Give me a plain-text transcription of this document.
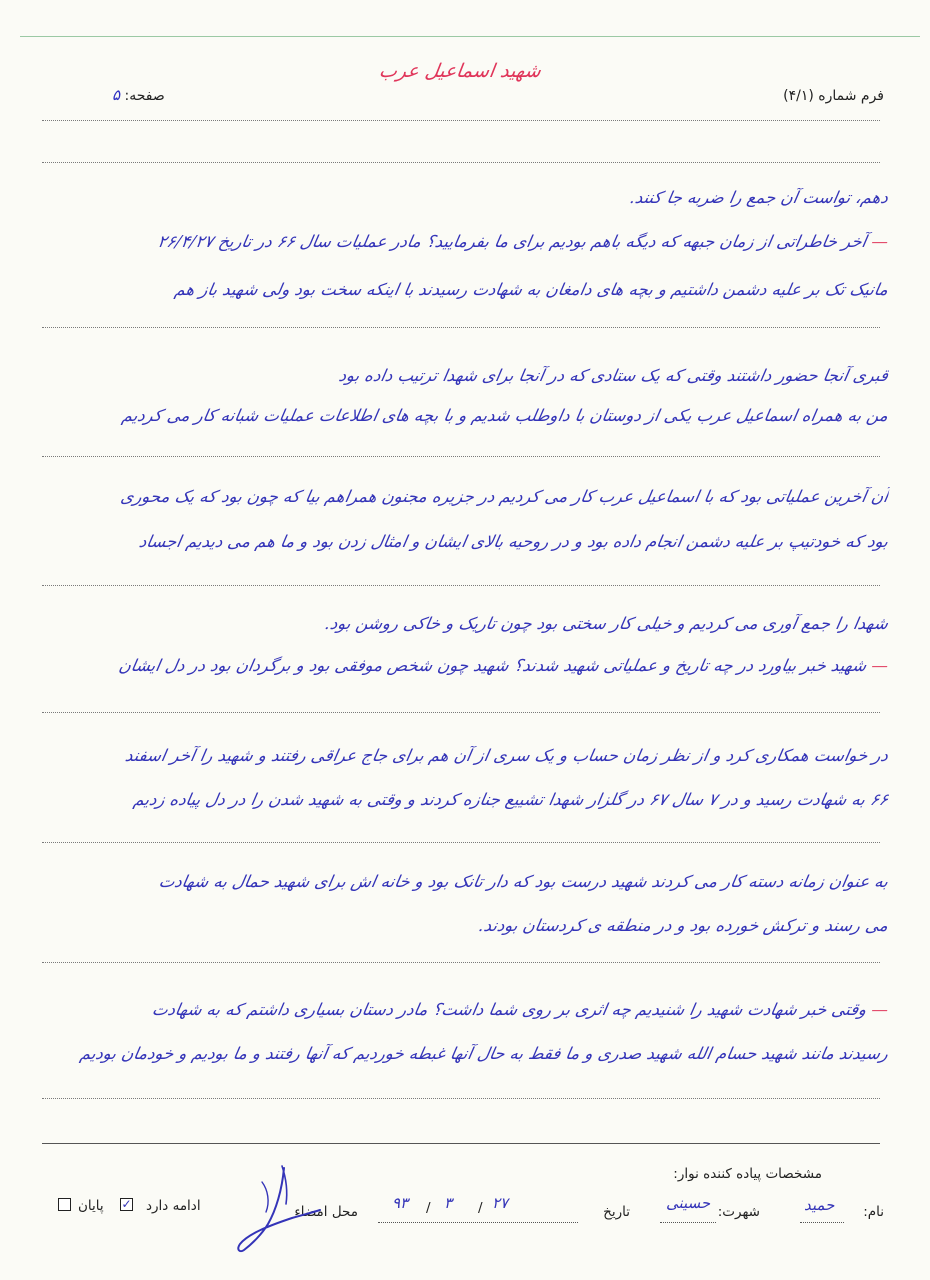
شهید اسماعیل عرب
فرم شماره (۴/۱)
صفحه: ۵
دهم، تواست آن جمع را ضربه جا کنند.
— آخر خاطراتی از زمان جبهه که دیگه باهم بودیم برای ما بفرمایید؟ مادر عملیات سال ۶۶ در تاریخ ۲۶/۴/۲۷
مانیک تک بر علیه دشمن داشتیم و بچه های دامغان به شهادت رسیدند با اینکه سخت بود ولی شهید باز هم
قبری آنجا حضور داشتند وقتی که یک ستادی که در آنجا برای شهدا ترتیب داده بود
من به همراه اسماعیل عرب یکی از دوستان با داوطلب شدیم و با بچه های اطلاعات عملیات شبانه کار می کردیم
آن آخرین عملیاتی بود که با اسماعیل عرب کار می کردیم در جزیره مجنون همراهم بیا که چون بود که یک محوری
بود که خودتیپ بر علیه دشمن انجام داده بود و در روحیه بالای ایشان و امثال زدن بود و ما هم می دیدیم اجساد
شهدا را جمع آوری می کردیم و خیلی کار سختی بود چون تاریک و خاکی روشن بود.
— شهید خبر بیاورد در چه تاریخ و عملیاتی شهید شدند؟ شهید چون شخص موفقی بود و برگردان بود در دل ایشان
در خواست همکاری کرد و از نظر زمان حساب و یک سری از آن هم برای جاج عراقی رفتند و شهید را آخر اسفند
۶۶ به شهادت رسید و در ۷ سال ۶۷ در گلزار شهدا تشییع جنازه کردند و وقتی به شهید شدن را در دل پیاده زدیم
به عنوان زمانه دسته کار می کردند شهید درست بود که دار تانک بود و خانه اش برای شهید حمال به شهادت
می رسند و ترکش خورده بود و در منطقه ی کردستان بودند.
— وقتی خبر شهادت شهید را شنیدیم چه اثری بر روی شما داشت؟ مادر دستان بسیاری داشتم که به شهادت
رسیدند مانند شهید حسام الله شهید صدری و ما فقط به حال آنها غبطه خوردیم که آنها رفتند و ما بودیم و خودمان بودیم
مشخصات پیاده کننده نوار:
نام:
حمید
شهرت:
حسینی
تاریخ
۲۷
/
۳
/
۹۳
محل امضاء
ادامه دارد
✓
پایان
